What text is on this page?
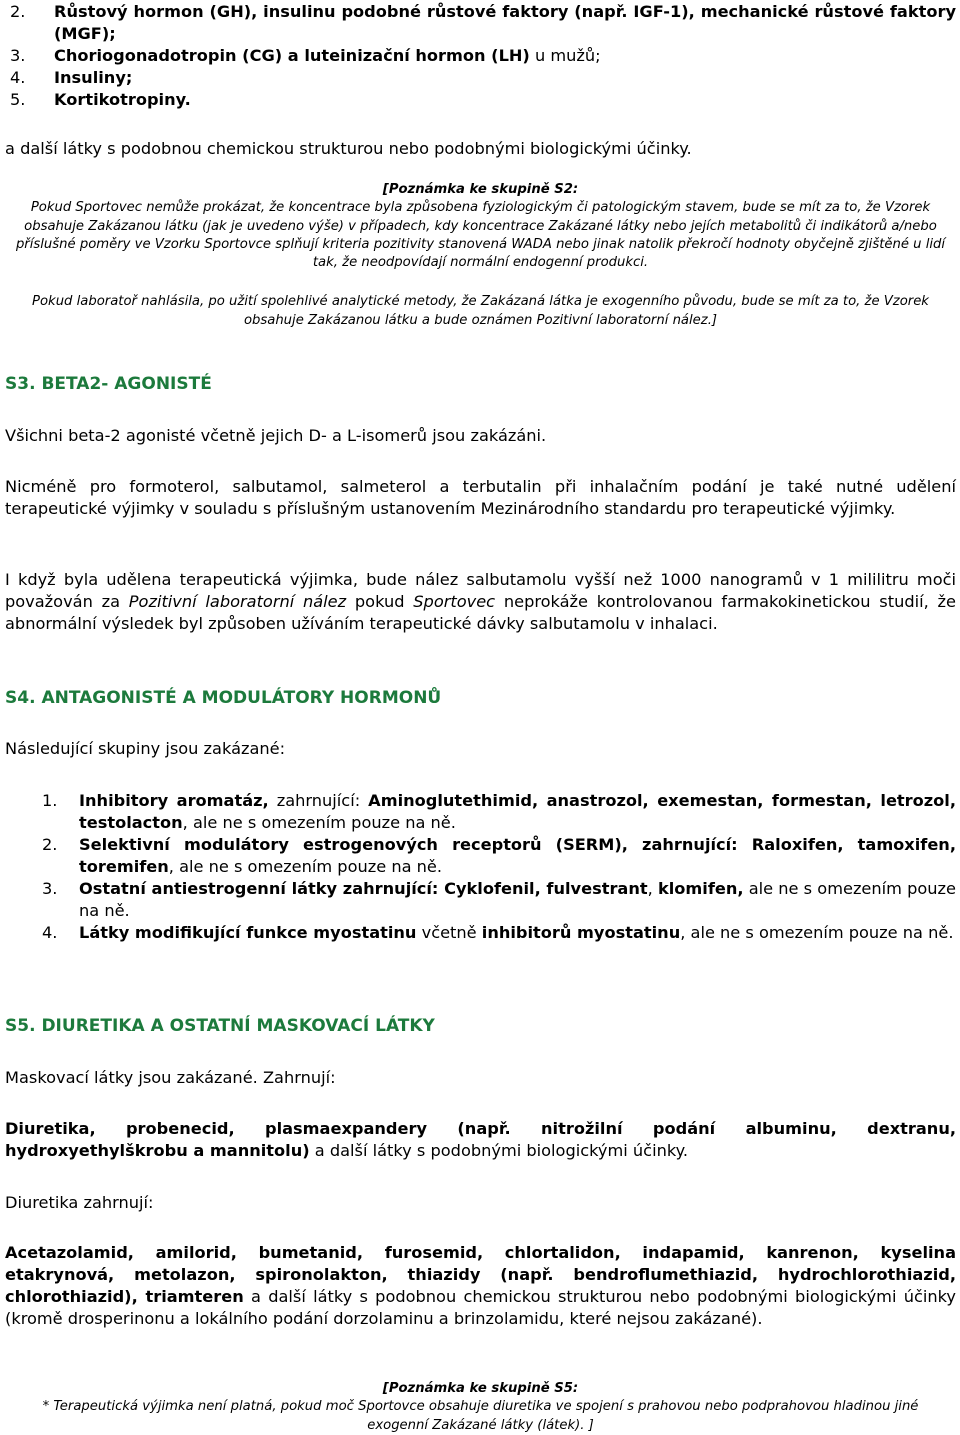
2. Růstový hormon (GH), insulinu podobné růstové faktory (např. IGF-1), mechanické růstové faktory (MGF);
3. Choriogonadotropin (CG) a luteinizační hormon (LH) u mužů;
4. Insuliny;
5. Kortikotropiny.

a další látky s podobnou chemickou strukturou nebo podobnými biologickými účinky.

[Poznámka ke skupině S2:
Pokud Sportovec nemůže prokázat, že koncentrace byla způsobena fyziologickým či patologickým stavem, bude se mít za to, že Vzorek obsahuje Zakázanou látku (jak je uvedeno výše) v případech, kdy koncentrace Zakázané látky nebo jejích metabolitů či indikátorů a/nebo příslušné poměry ve Vzorku Sportovce splňují kriteria pozitivity stanovená WADA nebo jinak natolik překročí hodnoty obyčejně zjištěné u lidí tak, že neodpovídají normální endogenní produkci.
Pokud laboratoř nahlásila, po užití spolehlivé analytické metody, že Zakázaná látka je exogenního původu, bude se mít za to, že Vzorek obsahuje Zakázanou látku a bude oznámen Pozitivní laboratorní nález.]
S3. BETA2- AGONISTÉ

Všichni beta-2 agonisté včetně jejich D- a L-isomerů jsou zakázáni.

Nicméně pro formoterol, salbutamol, salmeterol a terbutalin při inhalačním podání je také nutné udělení terapeutické výjimky v souladu s příslušným ustanovením Mezinárodního standardu pro terapeutické výjimky.

I když byla udělena terapeutická výjimka, bude nález salbutamolu vyšší než 1000 nanogramů v 1 mililitru moči považován za Pozitivní laboratorní nález pokud Sportovec neprokáže kontrolovanou farmakokinetickou studií, že abnormální výsledek byl způsoben užíváním terapeutické dávky salbutamolu v inhalaci.

S4. ANTAGONISTÉ A MODULÁTORY HORMONŮ

Následující skupiny jsou zakázané:

1. Inhibitory aromatáz, zahrnující: Aminoglutethimid, anastrozol, exemestan, formestan, letrozol, testolacton, ale ne s omezením pouze na ně.
2. Selektivní modulátory estrogenových receptorů (SERM), zahrnující: Raloxifen, tamoxifen, toremifen, ale ne s omezením pouze na ně.
3. Ostatní antiestrogenní látky zahrnující: Cyklofenil, fulvestrant, klomifen, ale ne s omezením pouze na ně.
4. Látky modifikující funkce myostatinu včetně inhibitorů myostatinu, ale ne s omezením pouze na ně.
S5. DIURETIKA A OSTATNÍ MASKOVACÍ LÁTKY

Maskovací látky jsou zakázané. Zahrnují:

Diuretika, probenecid, plasmaexpandery (např. nitrožilní podání albuminu, dextranu, hydroxyethylškrobu a mannitolu) a další látky s podobnými biologickými účinky.

Diuretika zahrnují:

Acetazolamid, amilorid, bumetanid, furosemid, chlortalidon, indapamid, kanrenon, kyselina etakrynová, metolazon, spironolakton, thiazidy (např. bendroflumethiazid, hydrochlorothiazid, chlorothiazid), triamteren a další látky s podobnou chemickou strukturou nebo podobnými biologickými účinky (kromě drosperinonu a lokálního podání dorzolaminu a brinzolamidu, které nejsou zakázané).

[Poznámka ke skupině S5:
* Terapeutická výjimka není platná, pokud moč Sportovce obsahuje diuretika ve spojení s prahovou nebo podprahovou hladinou jiné exogenní Zakázané látky (látek). ]
